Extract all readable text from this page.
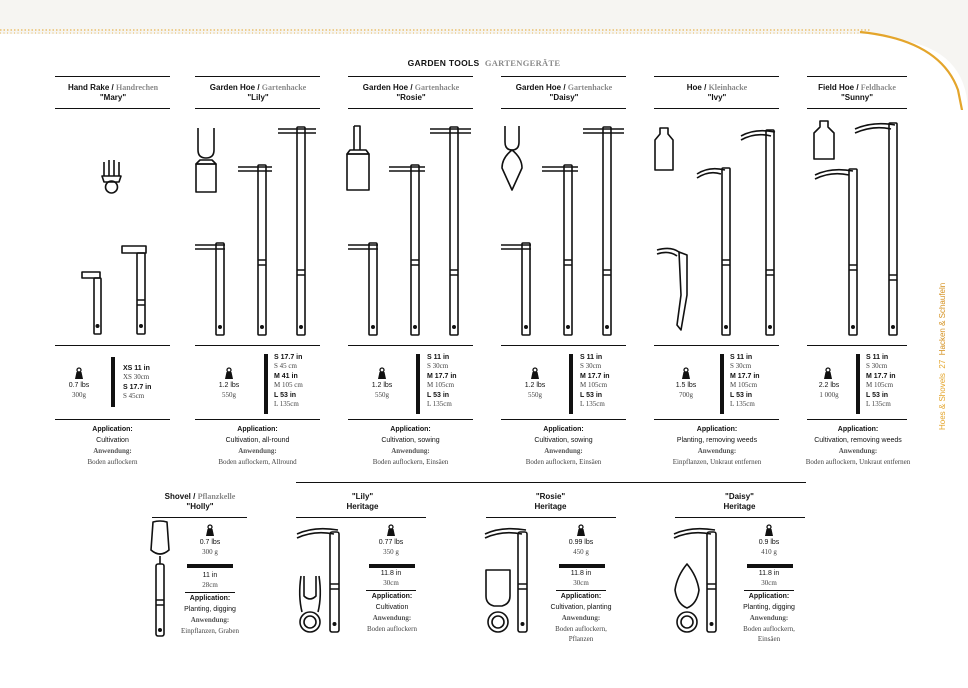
GARDEN TOOLS GARTENGERÄTE
Hoes & Shovels  27  Hacken & Schaufeln
Hand Rake / Handrechen
"Mary"
0.7 lbs
300g
XS 11 in
XS 30cm
S 17.7 in
S 45cm
Application:
Cultivation
Anwendung:
Boden auflockern
Garden Hoe / Gartenhacke
"Lily"
1.2 lbs
550g
S 17.7 in
S 45 cm
M 41 in
M 105 cm
L 53 in
L 135cm
Application:
Cultivation, all-round
Anwendung:
Boden auflockern, Allround
Garden Hoe / Gartenhacke
"Rosie"
1.2 lbs
550g
S 11 in
S 30cm
M 17.7 in
M 105cm
L 53 in
L 135cm
Application:
Cultivation, sowing
Anwendung:
Boden auflockern, Einsäen
Garden Hoe / Gartenhacke
"Daisy"
1.2 lbs
550g
S 11 in
S 30cm
M 17.7 in
M 105cm
L 53 in
L 135cm
Application:
Cultivation, sowing
Anwendung:
Boden auflockern, Einsäen
Hoe / Kleinhacke
"Ivy"
1.5 lbs
700g
S 11 in
S 30cm
M 17.7 in
M 105cm
L 53 in
L 135cm
Application:
Planting, removing weeds
Anwendung:
Einpflanzen, Unkraut entfernen
Field Hoe / Feldhacke
"Sunny"
2.2 lbs
1 000g
S 11 in
S 30cm
M 17.7 in
M 105cm
L 53 in
L 135cm
Application:
Cultivation, removing weeds
Anwendung:
Boden auflockern, Unkraut entfernen
Shovel / Pflanzkelle
"Holly"
0.7 lbs
300 g
11 in
28cm
Application:
Planting, digging
Anwendung:
Einpflanzen, Graben
"Lily"
Heritage
0.77 lbs
350 g
11.8 in
30cm
Application:
Cultivation
Anwendung:
Boden auflockern
"Rosie"
Heritage
0.99 lbs
450 g
11.8 in
30cm
Application:
Cultivation, planting
Anwendung:
Boden auflockern,
Pflanzen
"Daisy"
Heritage
0.9 lbs
410 g
11.8 in
30cm
Application:
Planting, digging
Anwendung:
Boden auflockern,
Einsäen
